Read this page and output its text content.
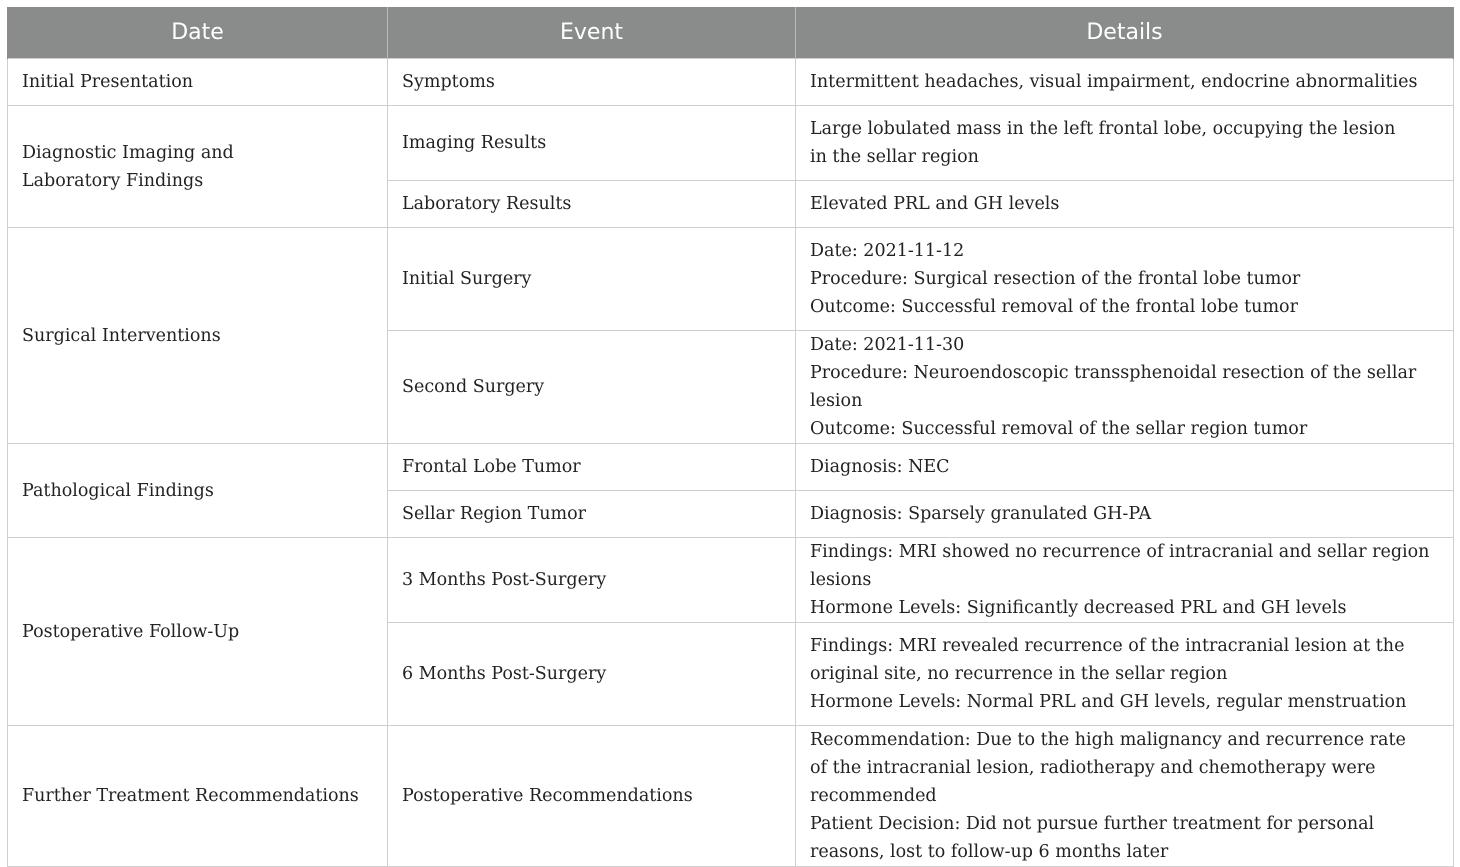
Date	Event	Details
Initial Presentation	Symptoms	Intermittent headaches, visual impairment, endocrine abnormalities

Diagnostic Imaging and Laboratory Findings	Imaging Results	Large lobulated mass in the left frontal lobe, occupying the lesion in the sellar region

	Laboratory Results	Elevated PRL and GH levels

Surgical Interventions	Initial Surgery	Date: 2021-11-12
Procedure: Surgical resection of the frontal lobe tumor
Outcome: Successful removal of the frontal lobe tumor

	Second Surgery	Date: 2021-11-30
Procedure: Neuroendoscopic transsphenoidal resection of the sellar lesion
Outcome: Successful removal of the sellar region tumor

Pathological Findings	Frontal Lobe Tumor	Diagnosis: NEC

	Sellar Region Tumor	Diagnosis: Sparsely granulated GH-PA

Postoperative Follow-Up	3 Months Post-Surgery	Findings: MRI showed no recurrence of intracranial and sellar region lesions
Hormone Levels: Significantly decreased PRL and GH levels

	6 Months Post-Surgery	Findings: MRI revealed recurrence of the intracranial lesion at the original site, no recurrence in the sellar region
Hormone Levels: Normal PRL and GH levels, regular menstruation

Further Treatment Recommendations	Postoperative Recommendations	Recommendation: Due to the high malignancy and recurrence rate of the intracranial lesion, radiotherapy and chemotherapy were recommended
Patient Decision: Did not pursue further treatment for personal reasons, lost to follow-up 6 months later
